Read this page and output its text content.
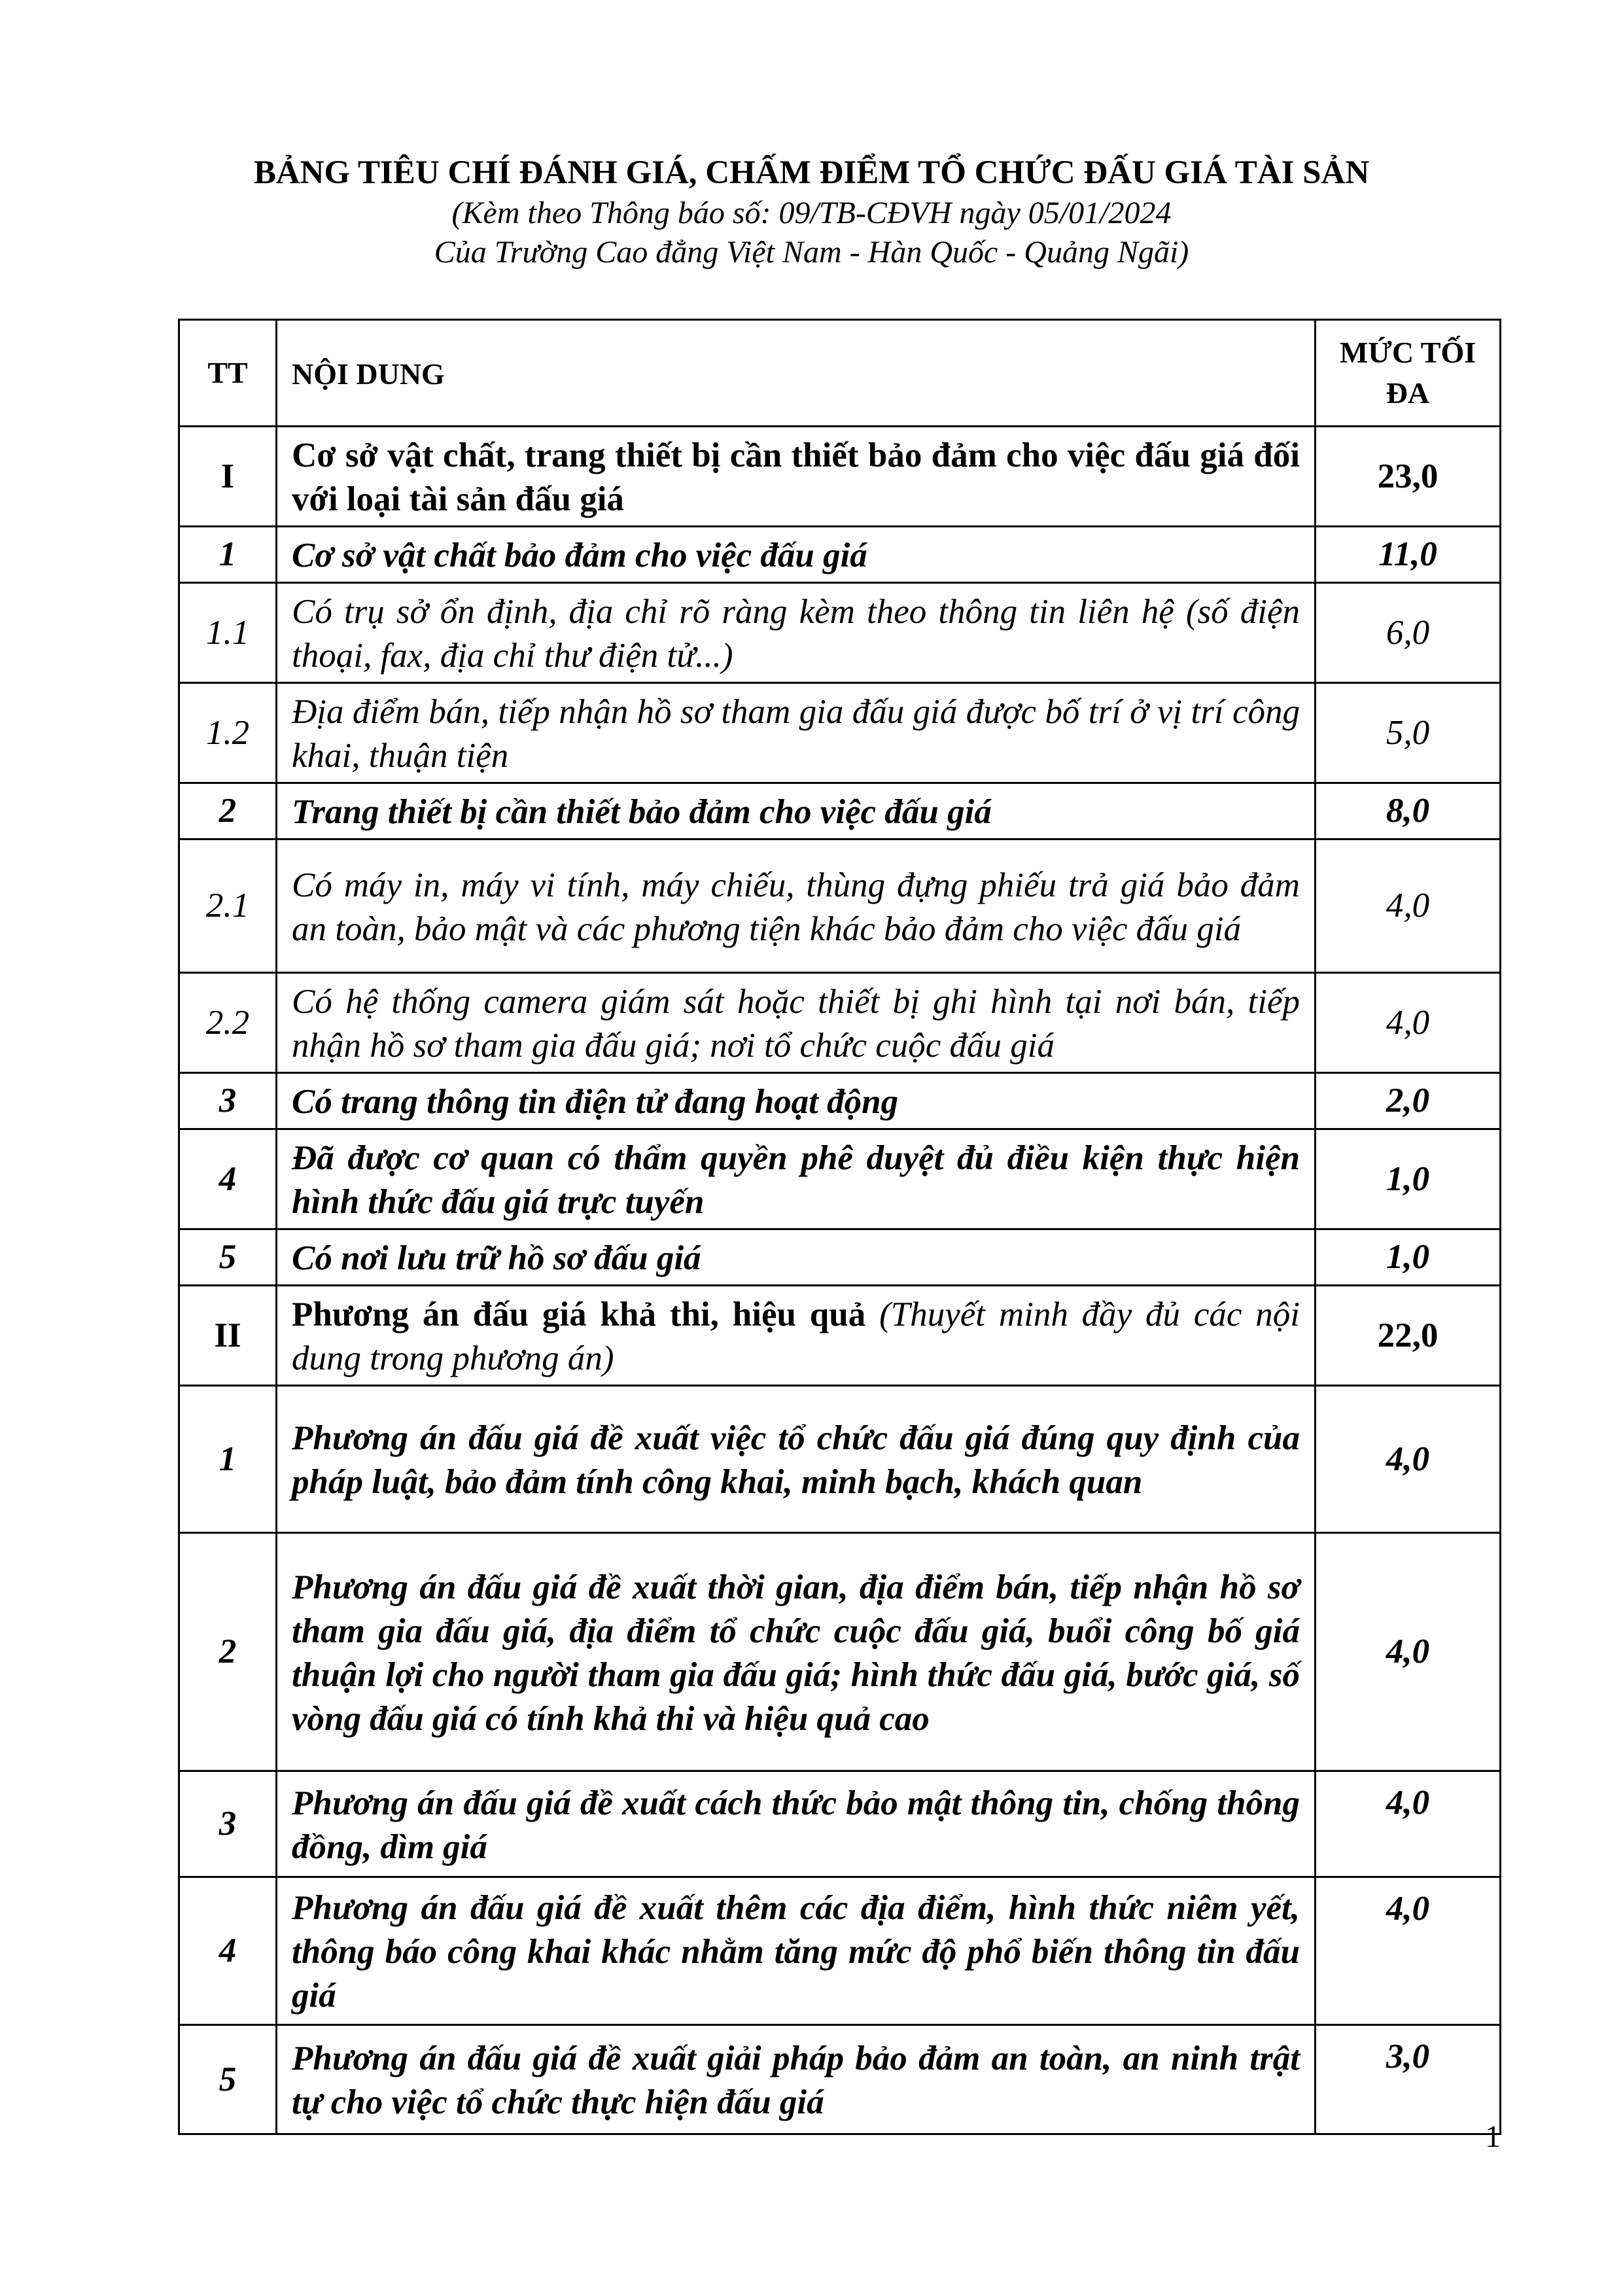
BẢNG TIÊU CHÍ ĐÁNH GIÁ, CHẤM ĐIỂM TỔ CHỨC ĐẤU GIÁ TÀI SẢN

(Kèm theo Thông báo số: 09/TB-CĐVH ngày 05/01/2024

Của Trường Cao đẳng Việt Nam - Hàn Quốc - Quảng Ngãi)

TT	NỘI DUNG	MỨC TỐI ĐA
I	Cơ sở vật chất, trang thiết bị cần thiết bảo đảm cho việc đấu giá đối với loại tài sản đấu giá	23,0
1	Cơ sở vật chất bảo đảm cho việc đấu giá	11,0
1.1	Có trụ sở ổn định, địa chỉ rõ ràng kèm theo thông tin liên hệ (số điện thoại, fax, địa chỉ thư điện tử...)	6,0
1.2	Địa điểm bán, tiếp nhận hồ sơ tham gia đấu giá được bố trí ở vị trí công khai, thuận tiện	5,0
2	Trang thiết bị cần thiết bảo đảm cho việc đấu giá	8,0
2.1	Có máy in, máy vi tính, máy chiếu, thùng đựng phiếu trả giá bảo đảm an toàn, bảo mật và các phương tiện khác bảo đảm cho việc đấu giá	4,0
2.2	Có hệ thống camera giám sát hoặc thiết bị ghi hình tại nơi bán, tiếp nhận hồ sơ tham gia đấu giá; nơi tổ chức cuộc đấu giá	4,0
3	Có trang thông tin điện tử đang hoạt động	2,0
4	Đã được cơ quan có thẩm quyền phê duyệt đủ điều kiện thực hiện hình thức đấu giá trực tuyến	1,0
5	Có nơi lưu trữ hồ sơ đấu giá	1,0
II	Phương án đấu giá khả thi, hiệu quả (Thuyết minh đầy đủ các nội dung trong phương án)	22,0
1	Phương án đấu giá đề xuất việc tổ chức đấu giá đúng quy định của pháp luật, bảo đảm tính công khai, minh bạch, khách quan	4,0
2	Phương án đấu giá đề xuất thời gian, địa điểm bán, tiếp nhận hồ sơ tham gia đấu giá, địa điểm tổ chức cuộc đấu giá, buổi công bố giá thuận lợi cho người tham gia đấu giá; hình thức đấu giá, bước giá, số vòng đấu giá có tính khả thi và hiệu quả cao	4,0
3	Phương án đấu giá đề xuất cách thức bảo mật thông tin, chống thông đồng, dìm giá	4,0
4	Phương án đấu giá đề xuất thêm các địa điểm, hình thức niêm yết, thông báo công khai khác nhằm tăng mức độ phổ biến thông tin đấu giá	4,0
5	Phương án đấu giá đề xuất giải pháp bảo đảm an toàn, an ninh trật tự cho việc tổ chức thực hiện đấu giá	3,0
1
